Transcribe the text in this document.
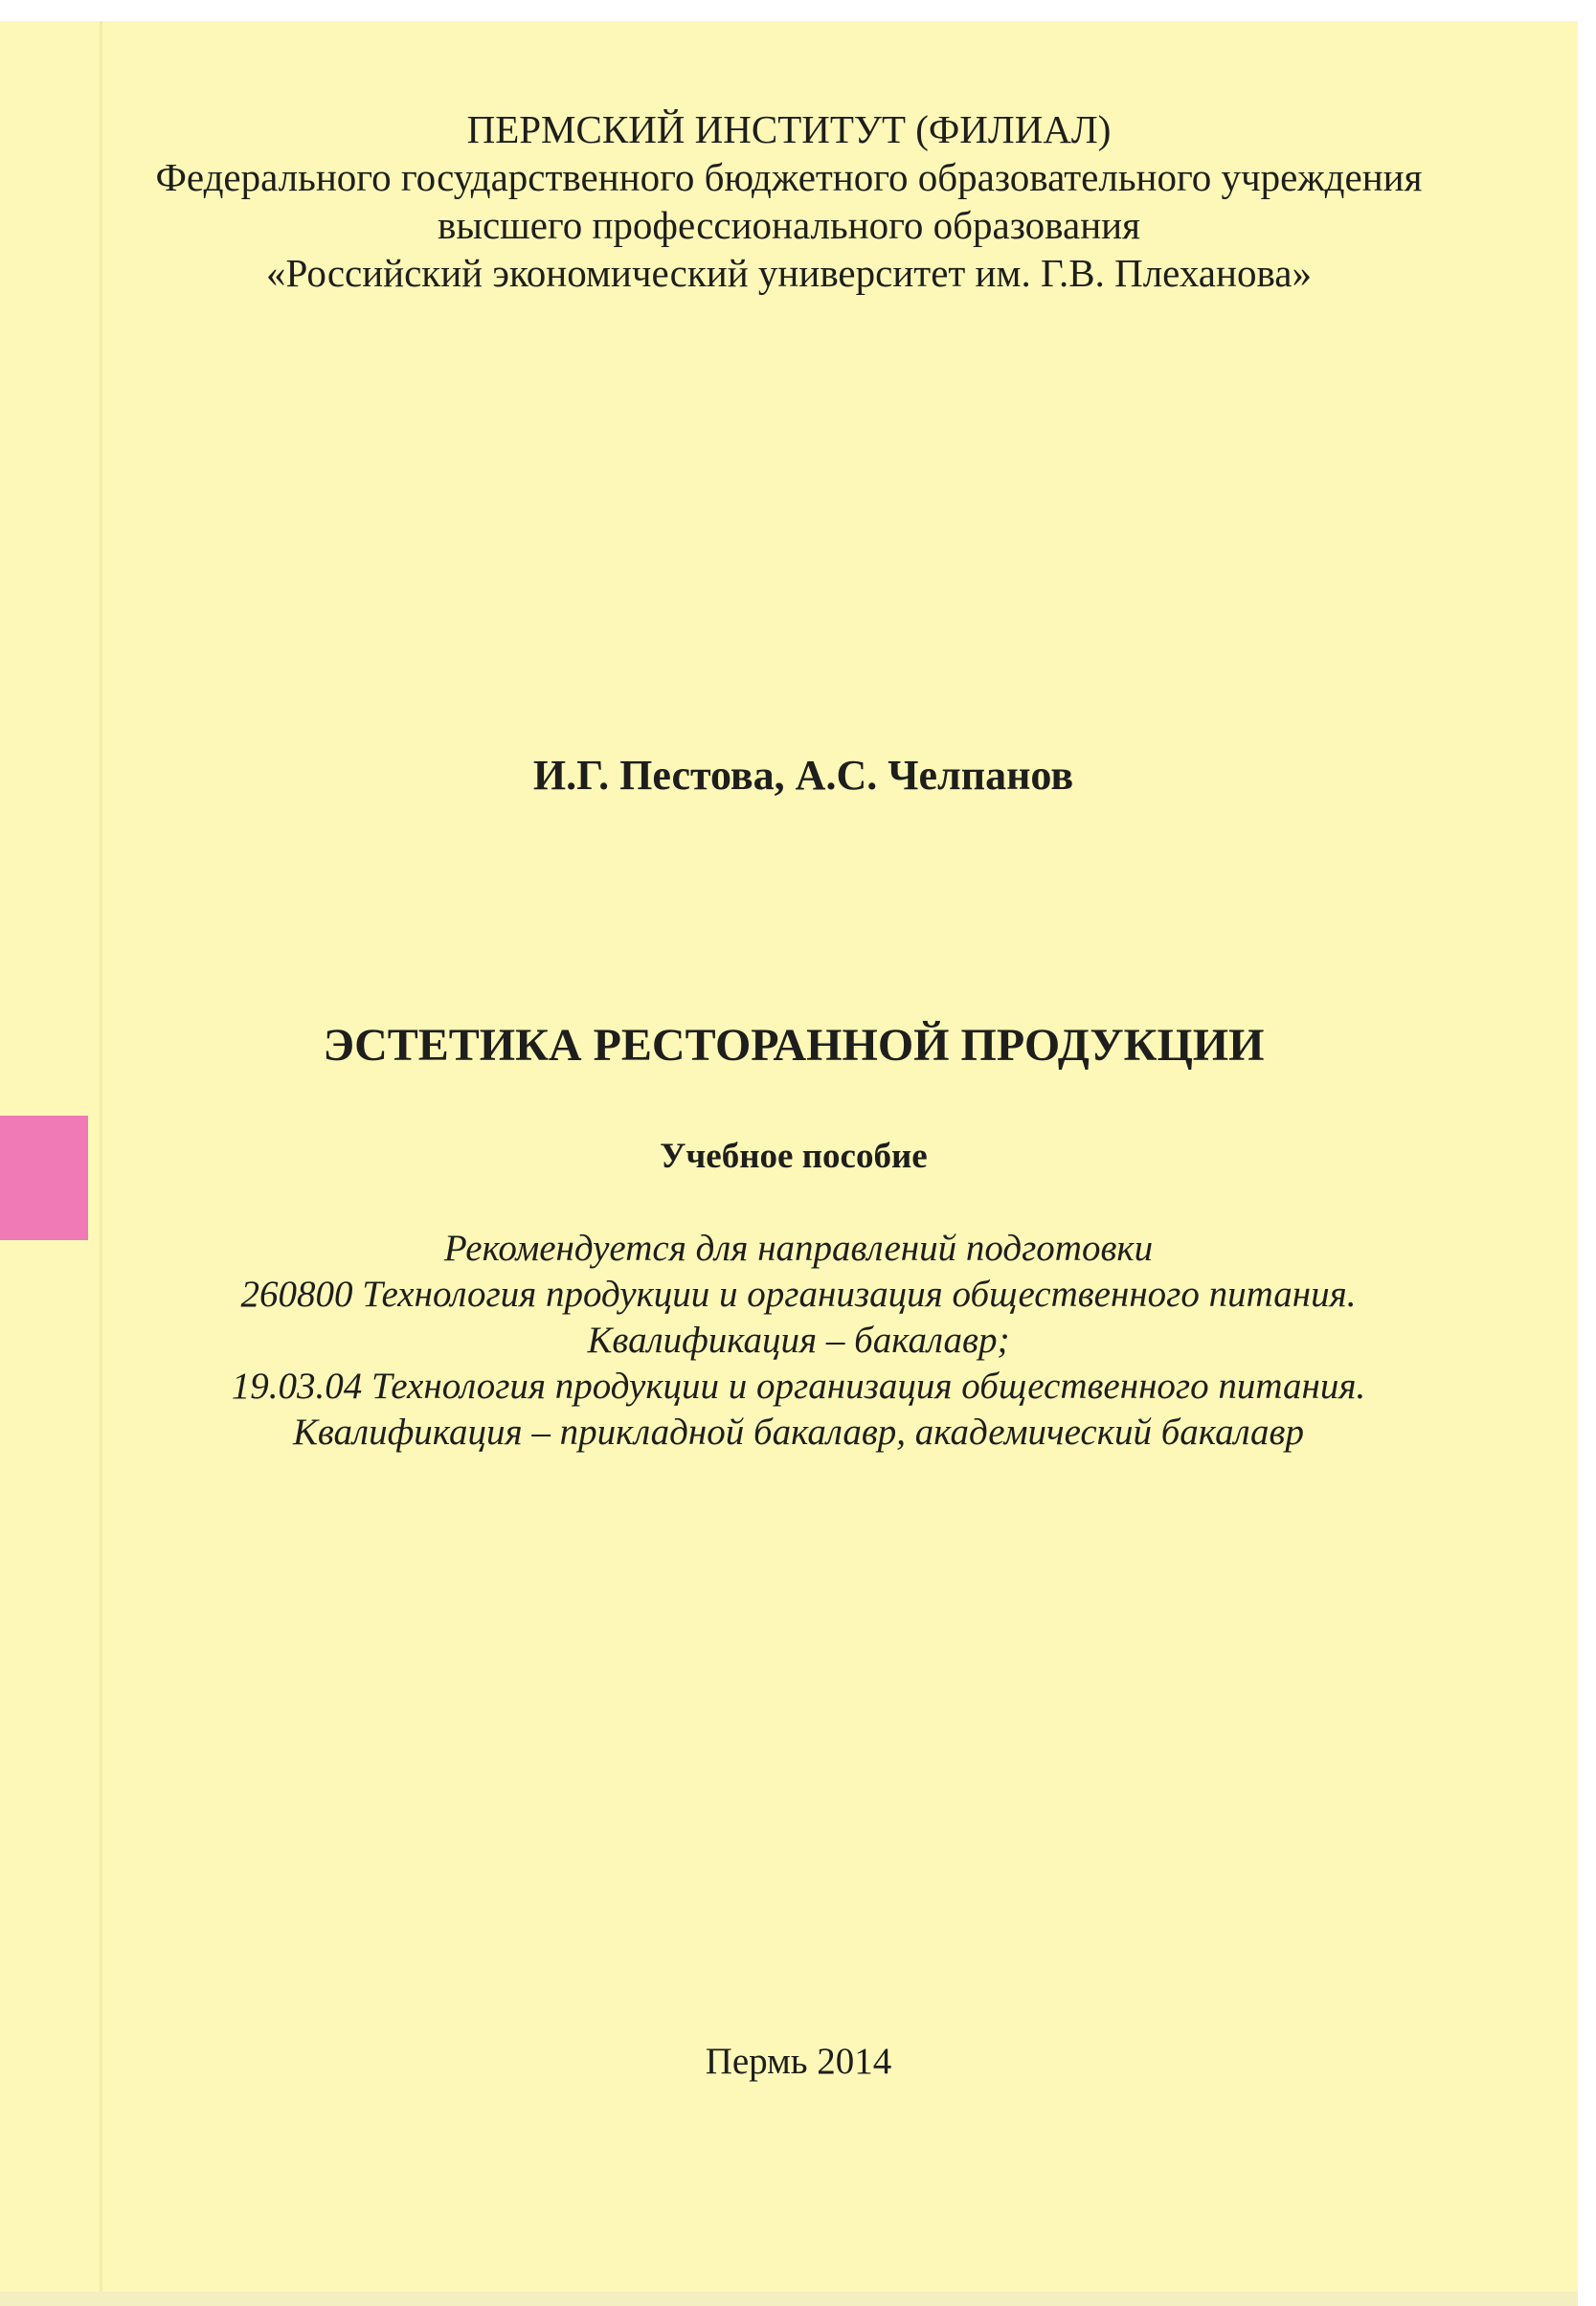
ПЕРМСКИЙ ИНСТИТУТ (ФИЛИАЛ)
Федерального государственного бюджетного образовательного учреждения
высшего профессионального образования
«Российский экономический университет им. Г.В. Плеханова»
И.Г. Пестова, А.С. Челпанов
ЭСТЕТИКА РЕСТОРАННОЙ ПРОДУКЦИИ
Учебное пособие
Рекомендуется для направлений подготовки
260800 Технология продукции и организация общественного питания.
Квалификация – бакалавр;
19.03.04 Технология продукции и организация общественного питания.
Квалификация – прикладной бакалавр, академический бакалавр
Пермь 2014
